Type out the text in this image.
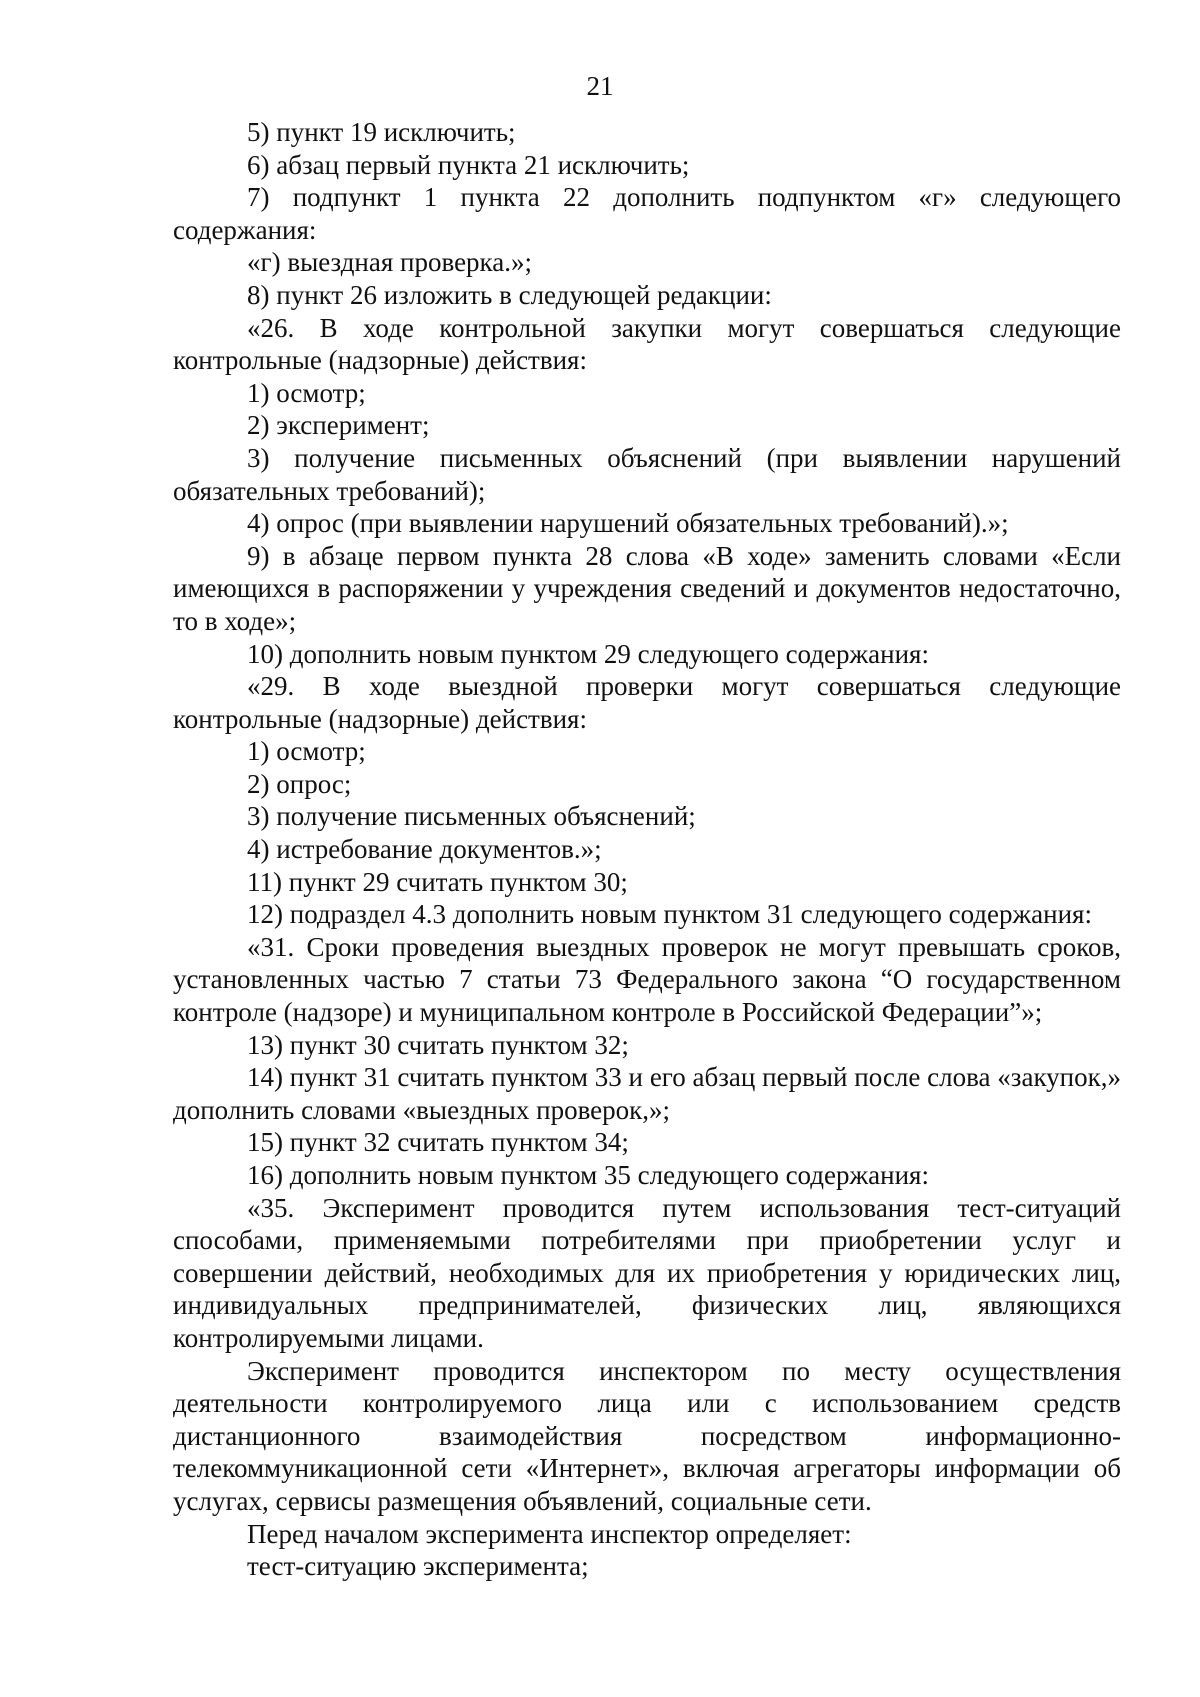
21

5) пункт 19 исключить;

6) абзац первый пункта 21 исключить;

7) подпункт 1 пункта 22 дополнить подпунктом «г» следующего содержания:

«г) выездная проверка.»;

8) пункт 26 изложить в следующей редакции:

«26. В ходе контрольной закупки могут совершаться следующие контрольные (надзорные) действия:

1) осмотр;

2) эксперимент;

3) получение письменных объяснений (при выявлении нарушений обязательных требований);

4) опрос (при выявлении нарушений обязательных требований).»;

9) в абзаце первом пункта 28 слова «В ходе» заменить словами «Если имеющихся в распоряжении у учреждения сведений и документов недостаточно, то в ходе»;

10) дополнить новым пунктом 29 следующего содержания:

«29. В ходе выездной проверки могут совершаться следующие контрольные (надзорные) действия:

1) осмотр;

2) опрос;

3) получение письменных объяснений;

4) истребование документов.»;

11) пункт 29 считать пунктом 30;

12) подраздел 4.3 дополнить новым пунктом 31 следующего содержания:

«31. Сроки проведения выездных проверок не могут превышать сроков, установленных частью 7 статьи 73 Федерального закона “О государственном контроле (надзоре) и муниципальном контроле в Российской Федерации”»;

13) пункт 30 считать пунктом 32;

14) пункт 31 считать пунктом 33 и его абзац первый после слова «закупок,» дополнить словами «выездных проверок,»;

15) пункт 32 считать пунктом 34;

16) дополнить новым пунктом 35 следующего содержания:

«35. Эксперимент проводится путем использования тест-ситуаций способами, применяемыми потребителями при приобретении услуг и совершении действий, необходимых для их приобретения у юридических лиц, индивидуальных предпринимателей, физических лиц, являющихся контролируемыми лицами.

Эксперимент проводится инспектором по месту осуществления деятельности контролируемого лица или с использованием средств дистанционного взаимодействия посредством информационно-телекоммуникационной сети «Интернет», включая агрегаторы информации об услугах, сервисы размещения объявлений, социальные сети.

Перед началом эксперимента инспектор определяет:

тест-ситуацию эксперимента;
